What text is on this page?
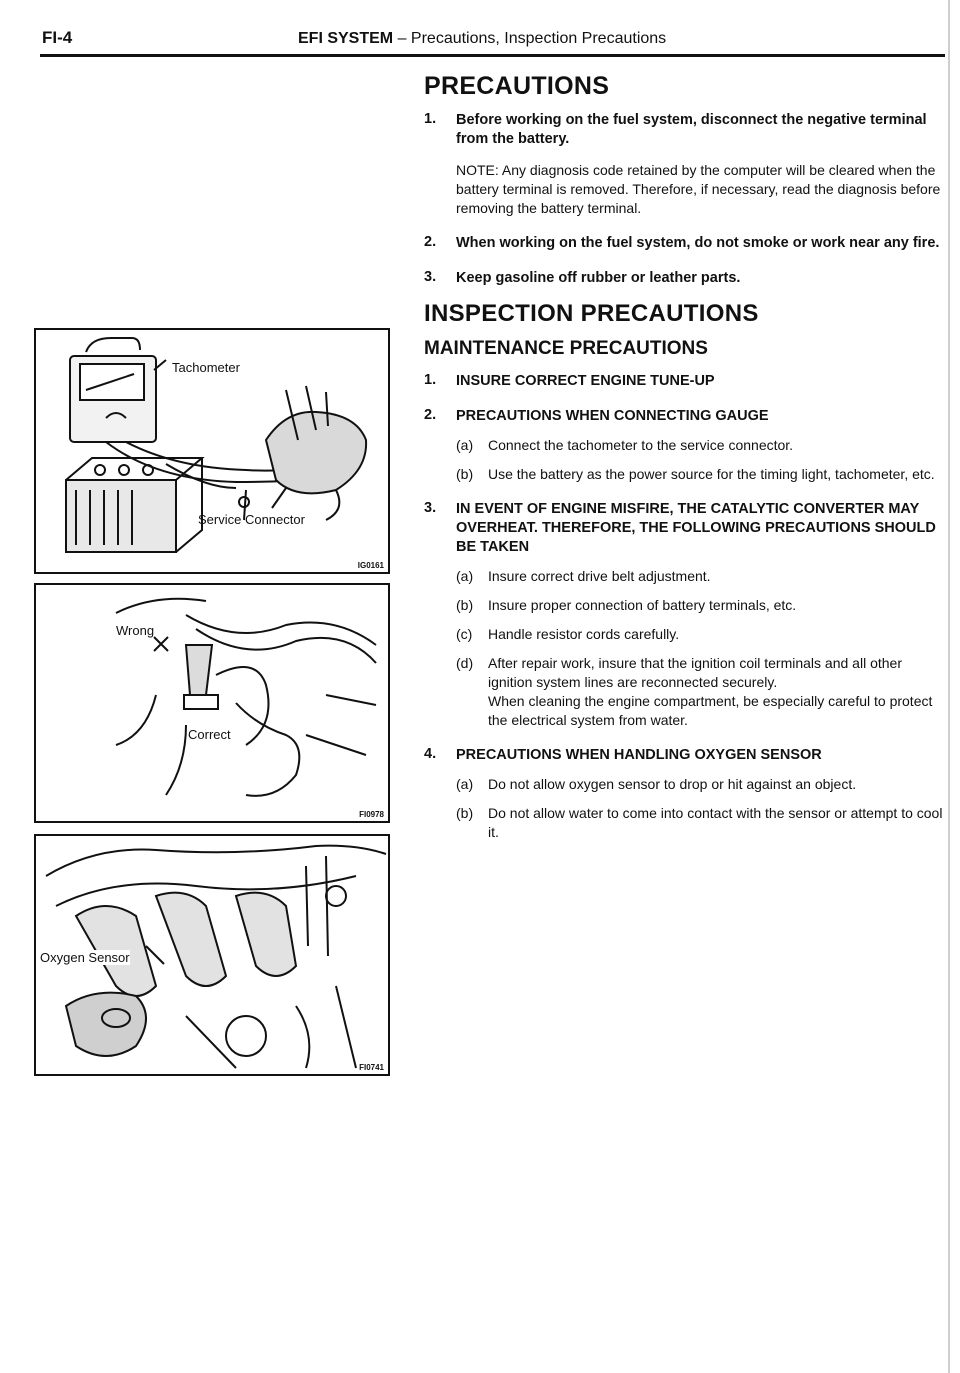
FI-4	EFI SYSTEM – Precautions, Inspection Precautions
Tachometer
Service Connector
IG0161
Wrong
Correct
FI0978
Oxygen Sensor
FI0741
PRECAUTIONS
1. Before working on the fuel system, disconnect the negative terminal from the battery.
NOTE: Any diagnosis code retained by the computer will be cleared when the battery terminal is removed. Therefore, if necessary, read the diagnosis before removing the battery terminal.
2. When working on the fuel system, do not smoke or work near any fire.
3. Keep gasoline off rubber or leather parts.
INSPECTION PRECAUTIONS
MAINTENANCE PRECAUTIONS
1. INSURE CORRECT ENGINE TUNE-UP
2. PRECAUTIONS WHEN CONNECTING GAUGE
(a) Connect the tachometer to the service connector.
(b) Use the battery as the power source for the timing light, tachometer, etc.
3. IN EVENT OF ENGINE MISFIRE, THE CATALYTIC CONVERTER MAY OVERHEAT. THEREFORE, THE FOLLOWING PRECAUTIONS SHOULD BE TAKEN
(a) Insure correct drive belt adjustment.
(b) Insure proper connection of battery terminals, etc.
(c) Handle resistor cords carefully.
(d) After repair work, insure that the ignition coil terminals and all other ignition system lines are reconnected securely.
When cleaning the engine compartment, be especially careful to protect the electrical system from water.
4. PRECAUTIONS WHEN HANDLING OXYGEN SENSOR
(a) Do not allow oxygen sensor to drop or hit against an object.
(b) Do not allow water to come into contact with the sensor or attempt to cool it.
